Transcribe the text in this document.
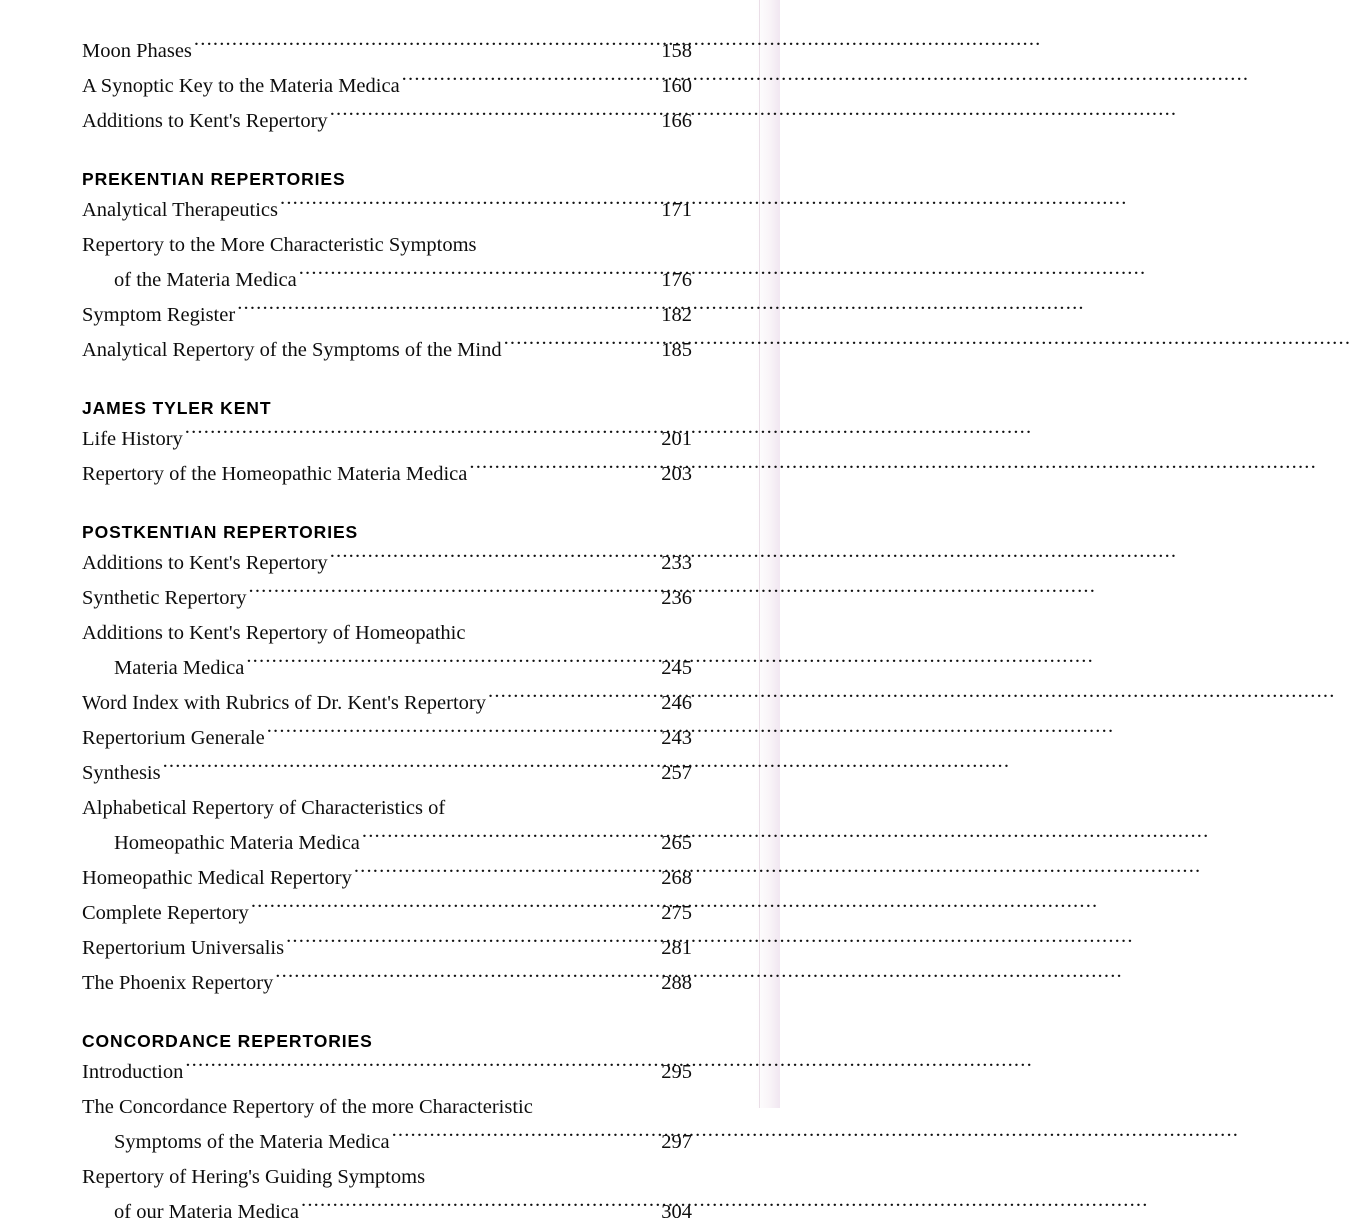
Moon Phases .....	158
A Synoptic Key to the Materia Medica .....	160
Additions to Kent's Repertory .....	166
PREKENTIAN REPERTORIES
Analytical Therapeutics .....	171
Repertory to the More Characteristic Symptoms
of the Materia Medica .....	176
Symptom Register .....	182
Analytical Repertory of the Symptoms of the Mind .....	185
JAMES TYLER KENT
Life History .....	201
Repertory of the Homeopathic Materia Medica .....	203
POSTKENTIAN REPERTORIES
Additions to Kent's Repertory .....	233
Synthetic Repertory .....	236
Additions to Kent's Repertory of Homeopathic
Materia Medica .....	245
Word Index with Rubrics of Dr. Kent's Repertory .....	246
Repertorium Generale .....	243
Synthesis .....	257
Alphabetical Repertory of Characteristics of
Homeopathic Materia Medica .....	265
Homeopathic Medical Repertory .....	268
Complete Repertory .....	275
Repertorium Universalis .....	281
The Phoenix Repertory .....	288
CONCORDANCE REPERTORIES
Introduction .....	295
The Concordance Repertory of the more Characteristic
Symptoms of the Materia Medica .....	297
Repertory of Hering's Guiding Symptoms
of our Materia Medica .....	304
